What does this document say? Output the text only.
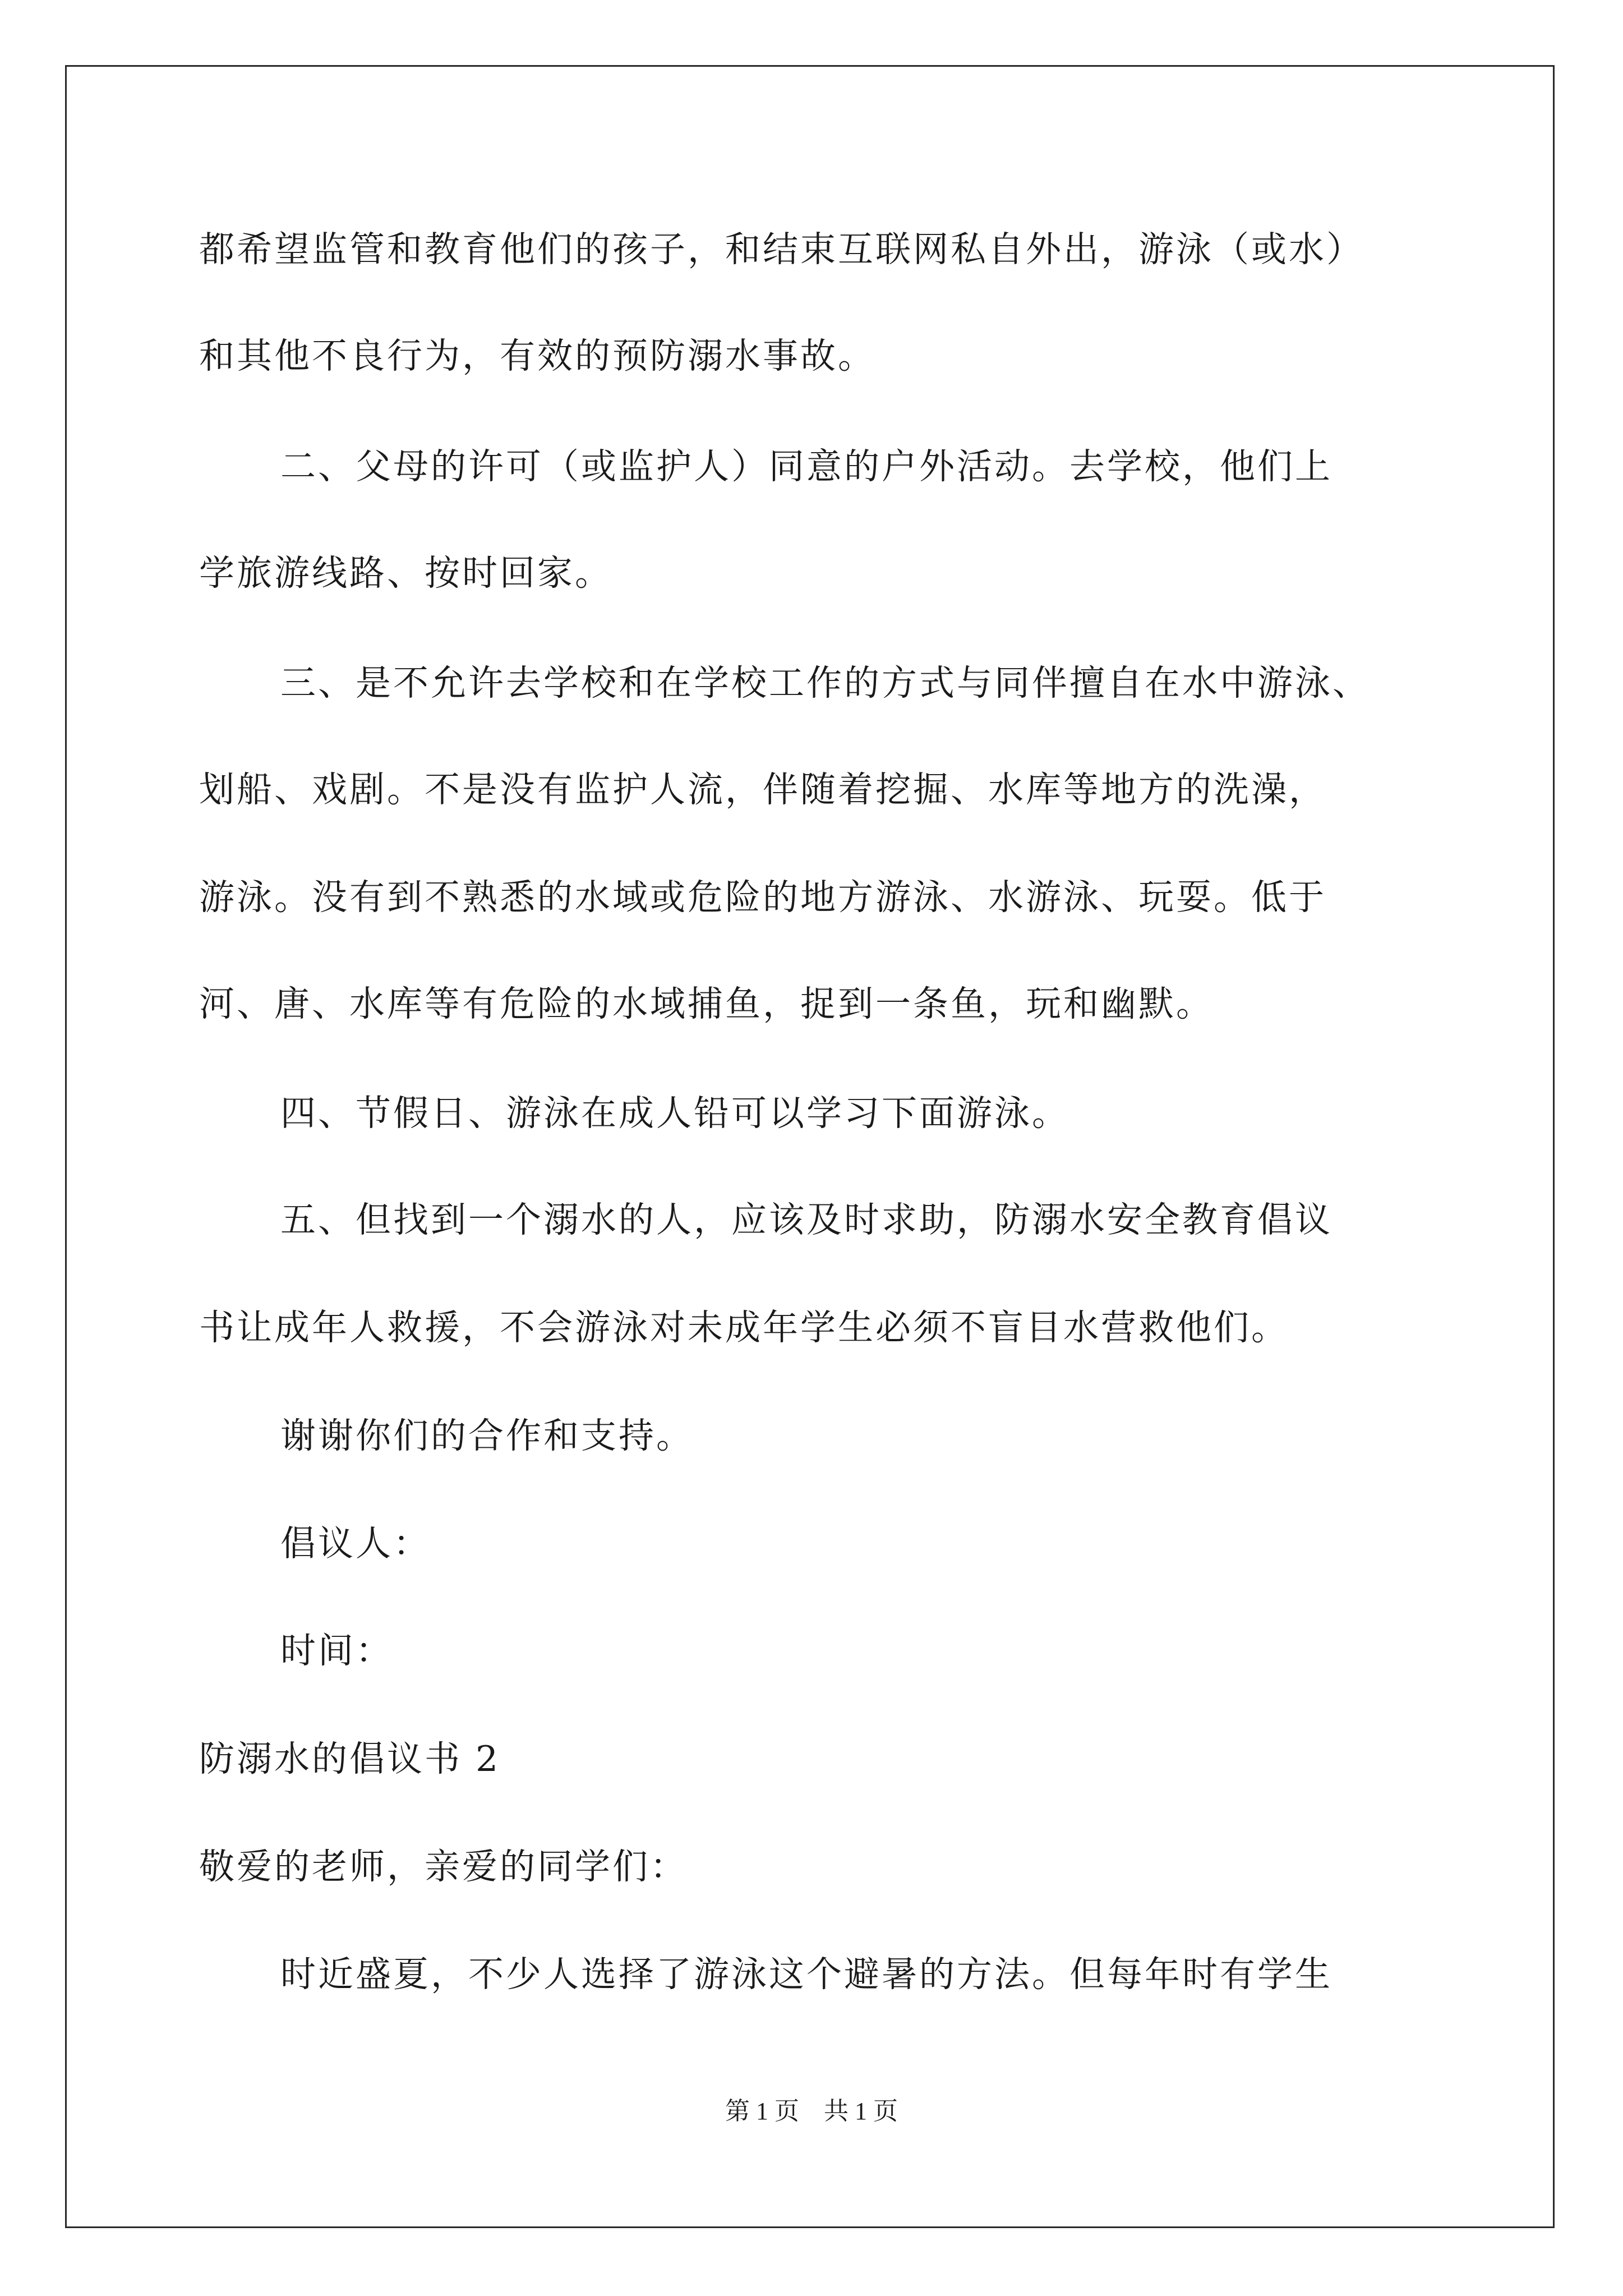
都希望监管和教育他们的孩子，和结束互联网私自外出，游泳（或水）
和其他不良行为，有效的预防溺水事故。
二、父母的许可（或监护人）同意的户外活动。去学校，他们上
学旅游线路、按时回家。
三、是不允许去学校和在学校工作的方式与同伴擅自在水中游泳、
划船、戏剧。不是没有监护人流，伴随着挖掘、水库等地方的洗澡，
游泳。没有到不熟悉的水域或危险的地方游泳、水游泳、玩耍。低于
河、唐、水库等有危险的水域捕鱼，捉到一条鱼，玩和幽默。
四、节假日、游泳在成人铅可以学习下面游泳。
五、但找到一个溺水的人，应该及时求助，防溺水安全教育倡议
书让成年人救援，不会游泳对未成年学生必须不盲目水营救他们。
谢谢你们的合作和支持。
倡议人：
时间：
防溺水的倡议书 2
敬爱的老师，亲爱的同学们：
时近盛夏，不少人选择了游泳这个避暑的方法。但每年时有学生
第 1 页    共 1 页
